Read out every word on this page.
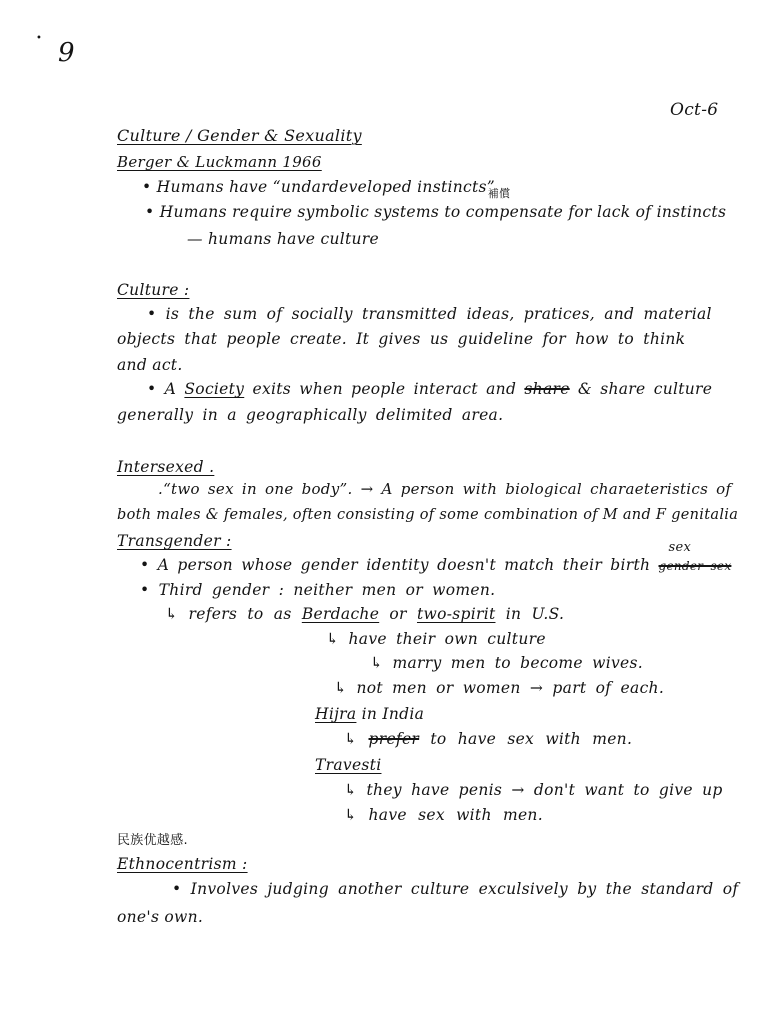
• 9
Oct-6
Culture / Gender & Sexuality
Berger & Luckmann 1966
• Humans have “undardeveloped instincts”
• Humans require symbolic systems to
補償
compensate for lack of instincts
— humans have culture
Culture :
• is the sum of socially transmitted ideas, pratices, and material
objects that people create. It gives us guideline for how to think
and act.
• A Society exits when people interact and share & share culture
generally in a geographically delimited area.
Intersexed .
.“two sex in one body”. → A person with biological charaeteristics of
both males & females, often consisting of some combination of M and F genitalia
Transgender :
• A person whose gender identity doesn't match their birth
sex
gender sex
• Third gender : neither men or women.
↳ refers to as Berdache or two-spirit in U.S.
↳ have their own culture
↳ marry men to become wives.
↳ not men or women → part of each.
Hijra in India
↳ prefer to have sex with men.
Travesti
↳ they have penis → don't want to give up
↳ have sex with men.
民族优越感.
Ethnocentrism :
• Involves judging another culture exculsively by the standard of
one's own.
